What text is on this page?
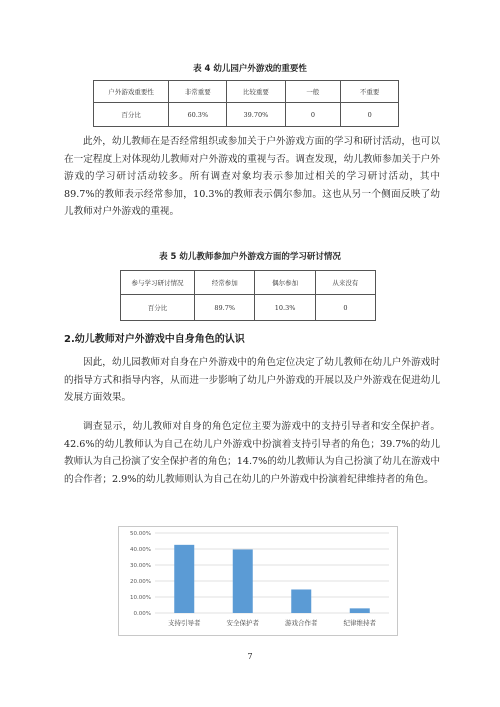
表 4 幼儿园户外游戏的重要性
户外游戏重要性	非常重要	比较重要	一般	不重要
百分比	60.3%	39.70%	0	0
此外，幼儿教师在是否经常组织或参加关于户外游戏方面的学习和研讨活动，也可以在一定程度上对体现幼儿教师对户外游戏的重视与否。调查发现，幼儿教师参加关于户外游戏的学习研讨活动较多。所有调查对象均表示参加过相关的学习研讨活动，其中 89.7%的教师表示经常参加，10.3%的教师表示偶尔参加。这也从另一个侧面反映了幼儿教师对户外游戏的重视。
表 5 幼儿教师参加户外游戏方面的学习研讨情况
参与学习研讨情况	经常参加	偶尔参加	从来没有
百分比	89.7%	10.3%	0
2.幼儿教师对户外游戏中自身角色的认识
因此，幼儿园教师对自身在户外游戏中的角色定位决定了幼儿教师在幼儿户外游戏时的指导方式和指导内容，从而进一步影响了幼儿户外游戏的开展以及户外游戏在促进幼儿发展方面效果。
调查显示，幼儿教师对自身的角色定位主要为游戏中的支持引导者和安全保护者。42.6%的幼儿教师认为自己在幼儿户外游戏中扮演着支持引导者的角色；39.7%的幼儿教师认为自己扮演了安全保护者的角色；14.7%的幼儿教师认为自己扮演了幼儿在游戏中的合作者；2.9%的幼儿教师则认为自己在幼儿的户外游戏中扮演着纪律维持者的角色。
0.00%
10.00%
20.00%
30.00%
40.00%
50.00%
支持引导者	安全保护者	游戏合作者	纪律维持者
7
